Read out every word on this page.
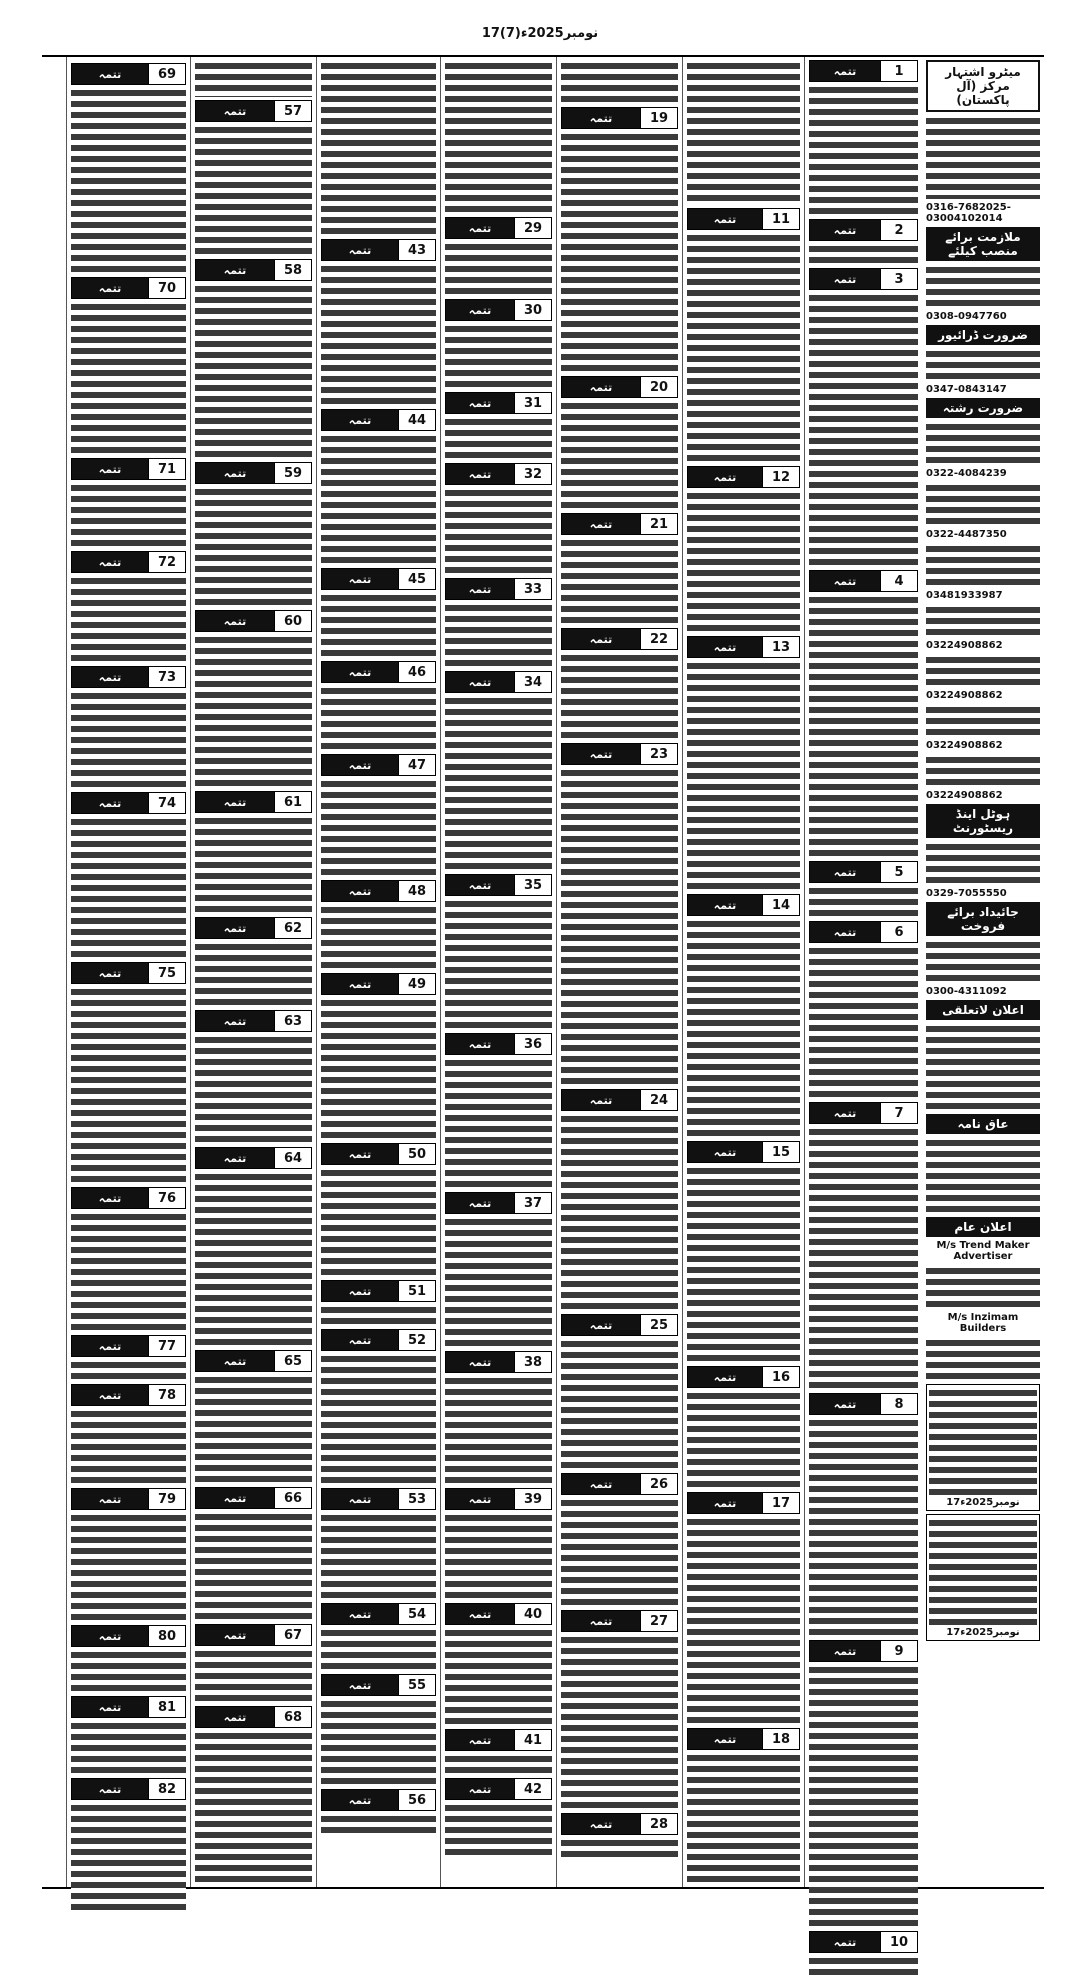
17نومبر2025ء(7)
میٹرو اشتہار مرکز (آل پاکستان)
0316-7682025-03004102014
ملازمت برائے منصب کیلئے
0308-0947760
ضرورت ڈرائیور
0347-0843147
ضرورت رشتہ
0322-4084239
0322-4487350
03481933987
03224908862
03224908862
03224908862
03224908862
ہوٹل اینڈ ریسٹورنٹ
0329-7055550
جائیداد برائے فروخت
0300-4311092
اعلان لاتعلقی
عاق نامہ
اعلان عام
M/s Trend Maker Advertiser
M/s Inzimam Builders
17نومبر2025ء
17نومبر2025ء
1
تتمہ
2
تتمہ
3
تتمہ
4
تتمہ
5
تتمہ
6
تتمہ
7
تتمہ
8
تتمہ
9
تتمہ
10
تتمہ
11
تتمہ
12
تتمہ
13
تتمہ
14
تتمہ
15
تتمہ
16
تتمہ
17
تتمہ
18
تتمہ
19
تتمہ
20
تتمہ
21
تتمہ
22
تتمہ
23
تتمہ
24
تتمہ
25
تتمہ
26
تتمہ
27
تتمہ
28
تتمہ
29
تتمہ
30
تتمہ
31
تتمہ
32
تتمہ
33
تتمہ
34
تتمہ
35
تتمہ
36
تتمہ
37
تتمہ
38
تتمہ
39
تتمہ
40
تتمہ
41
تتمہ
42
تتمہ
43
تتمہ
44
تتمہ
45
تتمہ
46
تتمہ
47
تتمہ
48
تتمہ
49
تتمہ
50
تتمہ
51
تتمہ
52
تتمہ
53
تتمہ
54
تتمہ
55
تتمہ
56
تتمہ
57
تتمہ
58
تتمہ
59
تتمہ
60
تتمہ
61
تتمہ
62
تتمہ
63
تتمہ
64
تتمہ
65
تتمہ
66
تتمہ
67
تتمہ
68
تتمہ
69
تتمہ
70
تتمہ
71
تتمہ
72
تتمہ
73
تتمہ
74
تتمہ
75
تتمہ
76
تتمہ
77
تتمہ
78
تتمہ
79
تتمہ
80
تتمہ
81
تتمہ
82
تتمہ
